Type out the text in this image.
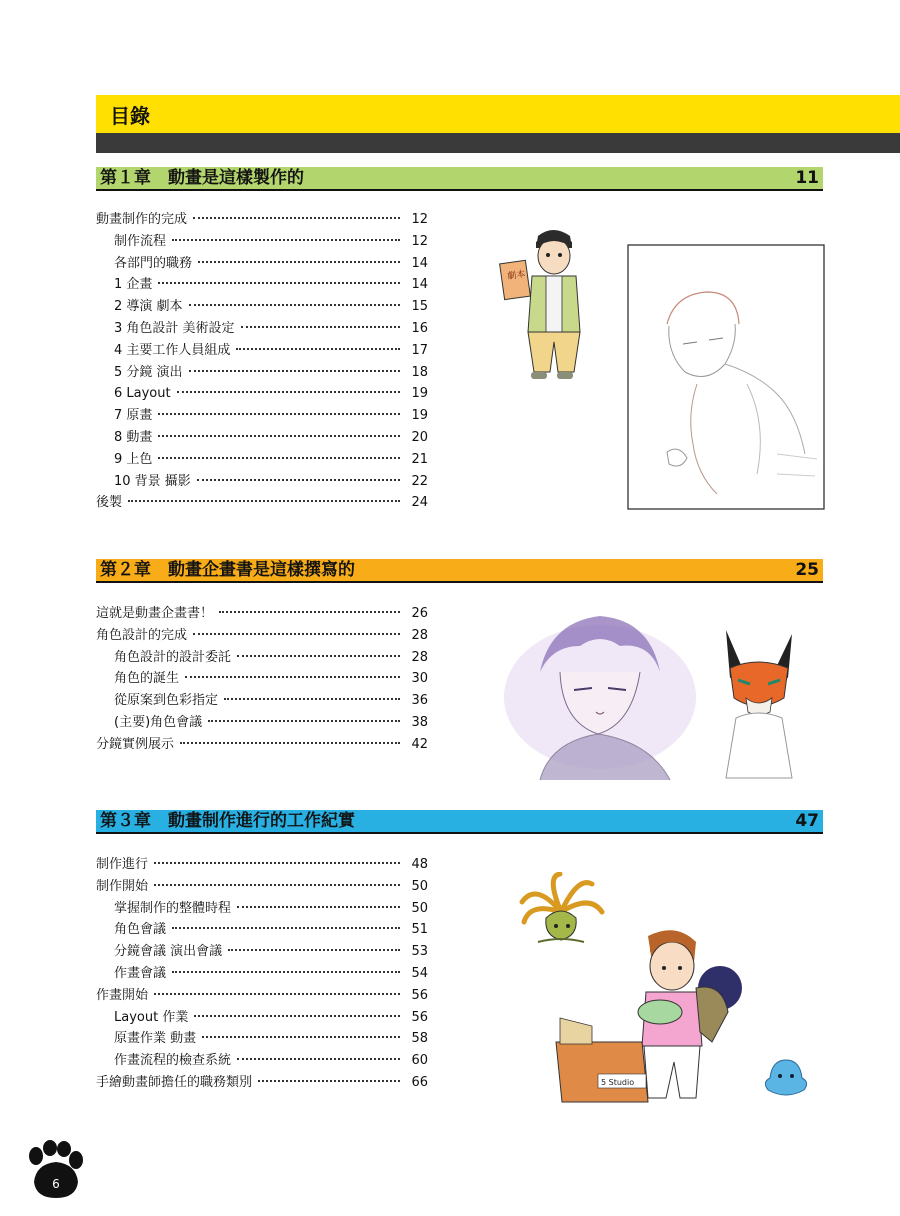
目錄
第１章　動畫是這樣製作的	11
動畫制作的完成	12
制作流程	12
各部門的職務	14
1 企畫	14
2 導演 劇本	15
3 角色設計 美術設定	16
4 主要工作人員組成	17
5 分鏡 演出	18
6 Layout	19
7 原畫	19
8 動畫	20
9 上色	21
10 背景 攝影	22
後製	24
劇本
第２章　動畫企畫書是這樣撰寫的	25
這就是動畫企畫書！	26
角色設計的完成	28
角色設計的設計委託	28
角色的誕生	30
從原案到色彩指定	36
(主要)角色會議	38
分鏡實例展示	42
第３章　動畫制作進行的工作紀實	47
制作進行	48
制作開始	50
掌握制作的整體時程	50
角色會議	51
分鏡會議 演出會議	53
作畫會議	54
作畫開始	56
Layout 作業	56
原畫作業 動畫	58
作畫流程的檢查系統	60
手繪動畫師擔任的職務類別	66	5 Studio
6
